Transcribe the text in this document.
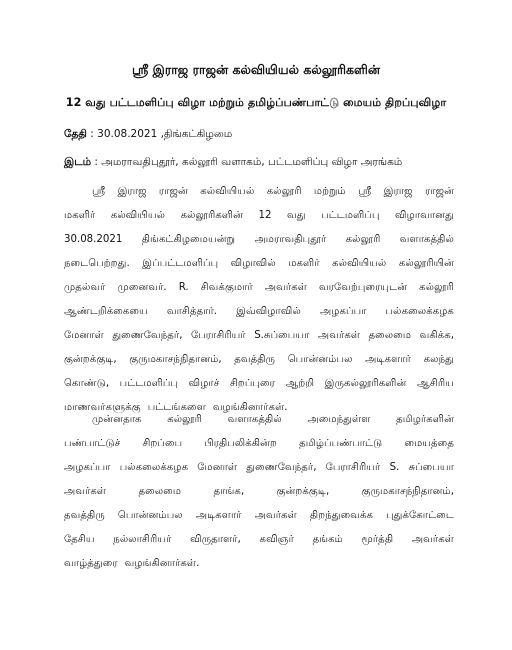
ஸ்ரீ இராஜ ராஜன் கல்வியியல் கல்லூரிகளின்
12 வது பட்டமளிப்பு விழா மற்றும் தமிழ்ப்பண்பாட்டு மையம் திறப்புவிழா
தேதி : 30.08.2021 ,திங்கட்கிழமை
இடம் : அமராவதிபுதூர், கல்லூரி வளாகம், பட்டமளிப்பு விழா அரங்கம்
ஸ்ரீ இராஜ ராஜன் கல்வியியல் கல்லூரி மற்றும் ஸ்ரீ இராஜ ராஜன்
மகளிர் கல்வியியல் கல்லூரிகளின் 12 வது பட்டமளிப்பு விழாவானது
30.08.2021 திங்கட்கிழமையன்று அமராவதிபுதூர் கல்லூரி வளாகத்தில்
நடைபெற்றது. இப்பட்டமளிப்பு விழாவில் மகளிர் கல்வியியல் கல்லூரியின்
முதல்வர் முனைவர். R. சிவக்குமார் அவர்கள் வரவேற்புரையுடன் கல்லூரி
ஆண்டறிக்கையை வாசித்தார். இவ்விழாவில் அழகப்பா பல்கலைக்கழக
மேனாள் துணைவேந்தர், பேராசிரியர் S.சுப்பையா அவர்கள் தலைமை வகிக்க,
குன்றக்குடி, குருமகாசந்நிதானம், தவத்திரு பொன்னம்பல அடிகளார் கலந்து
கொண்டு, பட்டமளிப்பு விழாச் சிறப்புரை ஆற்றி இருகல்லூரிகளின் ஆசிரிய
மாணவர்களுக்கு பட்டங்களை வழங்கினார்கள்.
முன்னதாக	கல்லூரி	வளாகத்தில்	அமைந்துள்ள	தமிழர்களின்
பண்பாட்டுச் சிறப்பை பிரதிபலிக்கின்ற தமிழ்ப்பண்பாட்டு மையத்தை
அழகப்பா பல்கலைக்கழக மேனாள் துணைவேந்தர், பேராசிரியர் S. சுப்பையா
அவர்கள்	தலைமை	தாங்க,	குன்றக்குடி,	குருமகாசந்நிதானம்,
தவத்திரு பொன்னம்பல அடிகளார் அவர்கள் திறந்துவைக்க புதுக்கோட்டை
தேசிய நல்லாசிரியர் விருதாளர், கவிஞர் தங்கம் மூர்த்தி அவர்கள்
வாழ்த்துரை வழங்கினார்கள்.
